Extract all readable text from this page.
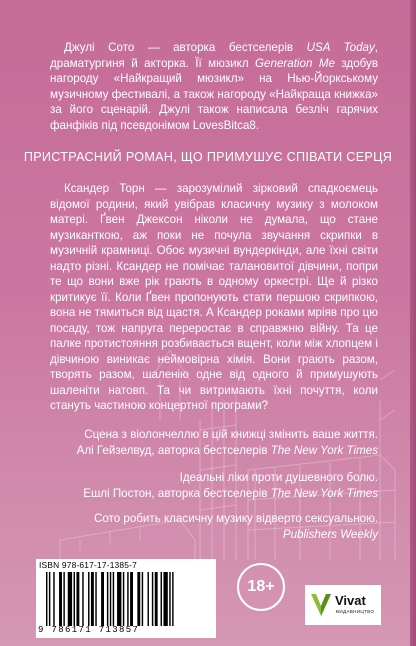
Джулі Сото — авторка бестселерів USA Today, драматургиня й акторка. Її мюзикл Generation Me здобув нагороду «Найкращий мюзикл» на Нью-Йоркському музичному фестивалі, а також нагороду «Найкраща книжка» за його сценарій. Джулі також написала безліч гарячих фанфіків під псевдонімом LovesBitca8.

ПРИСТРАСНИЙ РОМАН, ЩО ПРИМУШУЄ СПІВАТИ СЕРЦЯ

Ксандер Торн — зарозумілий зірковий спадкоємець відомої родини, який увібрав класичну музику з молоком матері. Ґвен Джексон ніколи не думала, що стане музиканткою, аж поки не почула звучання скрипки в музичній крамниці. Обоє музичні вундеркінди, але їхні світи надто різні. Ксандер не помічає талановитої дівчини, попри те що вони вже рік грають в одному оркестрі. Ще й різко критикує її. Коли Ґвен пропонують стати першою скрипкою, вона не тямиться від щастя. А Ксандер роками мріяв про цю посаду, тож напруга переростає в справжню війну. Та це палке протистояння розбивається вщент, коли між хлопцем і дівчиною виникає неймовірна хімія. Вони грають разом, творять разом, шаленію одне від одного й примушують шаленіти натовп. Та чи витримають їхні почуття, коли стануть частиною концертної програми?

Сцена з віолончеллю в цій книжці змінить ваше життя.
Алі Гейзелвуд, авторка бестселерів The New York Times
Ідеальні ліки проти душевного болю.
Ешлі Постон, авторка бестселерів The New York Times
Сото робить класичну музику відверто сексуальною.
Publishers Weekly
ISBN 978-617-17-1385-7
9 786171 713857
18+
Vivat
ВИДАВНИЦТВО
